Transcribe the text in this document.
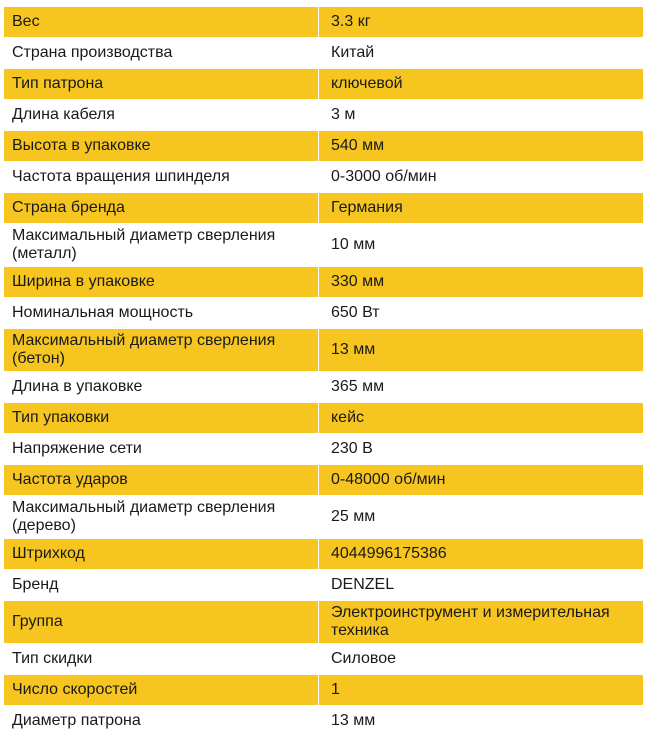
Вес	3.3 кг
Страна производства	Китай
Тип патрона	ключевой
Длина кабеля	3 м
Высота в упаковке	540 мм
Частота вращения шпинделя	0-3000 об/мин
Страна бренда	Германия
Максимальный диаметр сверления (металл)	10 мм
Ширина в упаковке	330 мм
Номинальная мощность	650 Вт
Максимальный диаметр сверления (бетон)	13 мм
Длина в упаковке	365 мм
Тип упаковки	кейс
Напряжение сети	230 В
Частота ударов	0-48000 об/мин
Максимальный диаметр сверления (дерево)	25 мм
Штрихкод	4044996175386
Бренд	DENZEL
Группа	Электроинструмент и измерительная техника
Тип скидки	Силовое
Число скоростей	1
Диаметр патрона	13 мм
